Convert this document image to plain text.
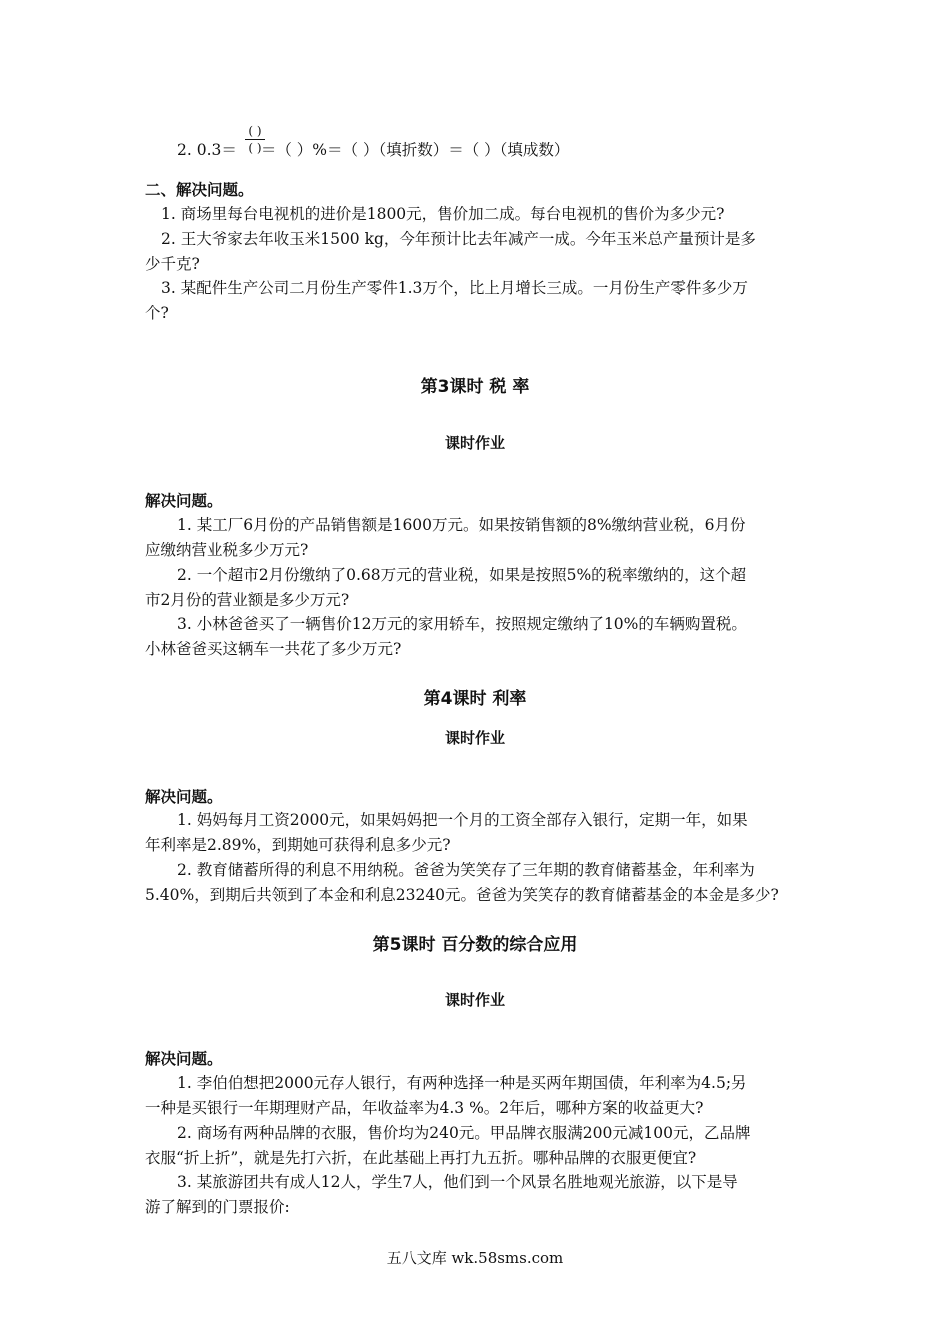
2. 0.3＝ ＝（ ）%＝（ ）（填折数）＝（ ）（填成数）

( )
( )

二、解决问题。

1. 商场里每台电视机的进价是1800元，售价加二成。每台电视机的售价为多少元?

2. 王大爷家去年收玉米1500 kg，今年预计比去年减产一成。今年玉米总产量预计是多

少千克?

3. 某配件生产公司二月份生产零件1.3万个，比上月增长三成。一月份生产零件多少万

个?

第3课时 税 率

课时作业

解决问题。

1. 某工厂6月份的产品销售额是1600万元。如果按销售额的8%缴纳营业税，6月份

应缴纳营业税多少万元?

2. 一个超市2月份缴纳了0.68万元的营业税，如果是按照5%的税率缴纳的，这个超

市2月份的营业额是多少万元?

3. 小林爸爸买了一辆售价12万元的家用轿车，按照规定缴纳了10%的车辆购置税。

小林爸爸买这辆车一共花了多少万元?

第4课时 利率

课时作业

解决问题。

1. 妈妈每月工资2000元，如果妈妈把一个月的工资全部存入银行，定期一年，如果

年利率是2.89%，到期她可获得利息多少元?

2. 教育储蓄所得的利息不用纳税。爸爸为笑笑存了三年期的教育储蓄基金，年利率为

5.40%，到期后共领到了本金和利息23240元。爸爸为笑笑存的教育储蓄基金的本金是多少?

第5课时 百分数的综合应用

课时作业

解决问题。

1. 李伯伯想把2000元存人银行，有两种选择一种是买两年期国债，年利率为4.5;另

一种是买银行一年期理财产品，年收益率为4.3 %。2年后，哪种方案的收益更大?

2. 商场有两种品牌的衣服，售价均为240元。甲品牌衣服满200元减100元，乙品牌

衣服“折上折”，就是先打六折，在此基础上再打九五折。哪种品牌的衣服更便宜?

3. 某旅游团共有成人12人，学生7人，他们到一个风景名胜地观光旅游，以下是导

游了解到的门票报价:

五八文库 wk.58sms.com
